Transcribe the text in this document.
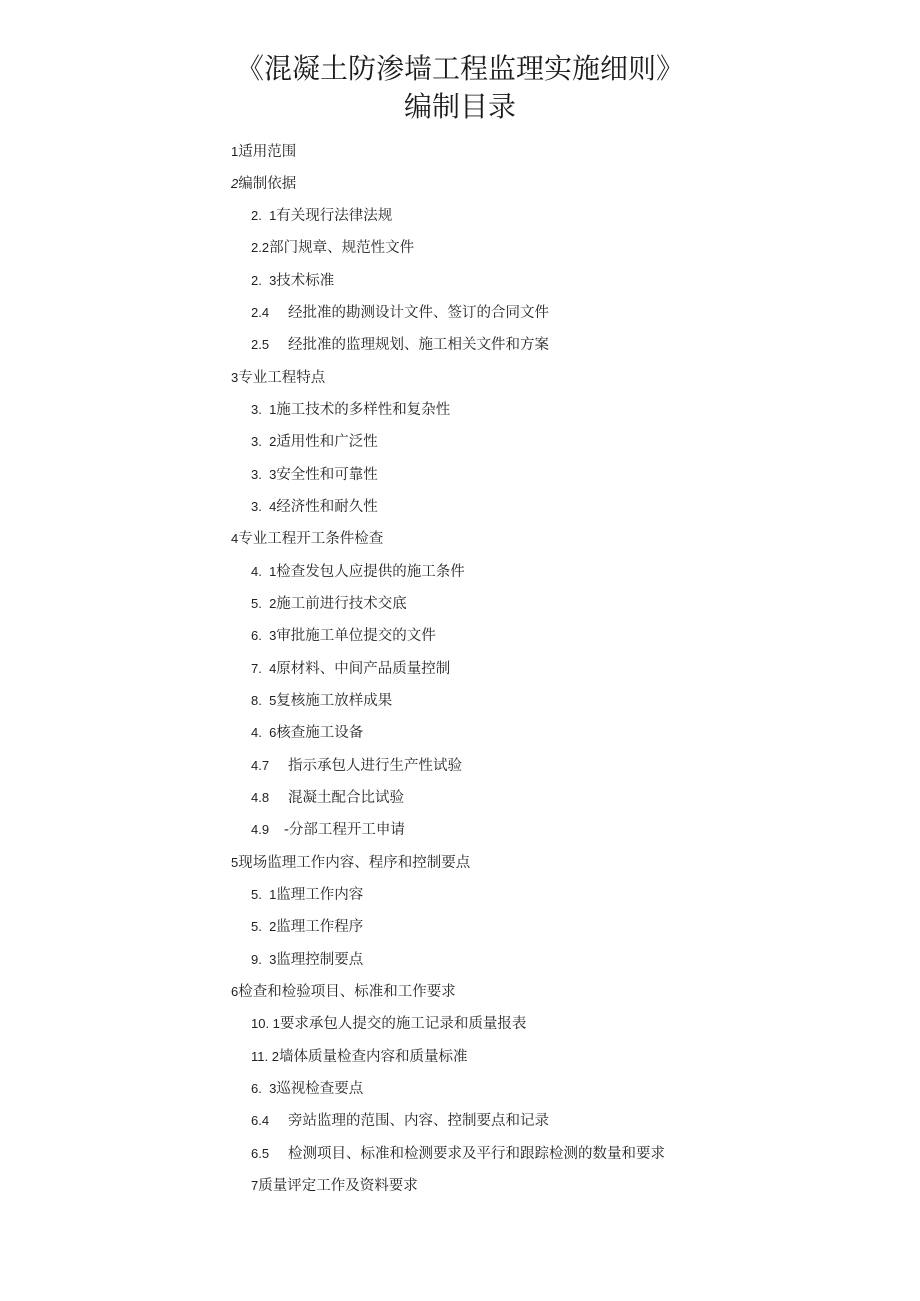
《混凝土防渗墙工程监理实施细则》
编制目录
1适用范围
2编制依据
2.  1有关现行法律法规
2.2部门规章、规范性文件
2.  3技术标准
2.4 经批准的勘测设计文件、签订的合同文件
2.5 经批准的监理规划、施工相关文件和方案
3专业工程特点
3.  1施工技术的多样性和复杂性
3.  2适用性和广泛性
3.  3安全性和可靠性
3.  4经济性和耐久性
4专业工程开工条件检查
4.  1检查发包人应提供的施工条件
5.  2施工前进行技术交底
6.  3审批施工单位提交的文件
7.  4原材料、中间产品质量控制
8.  5复核施工放样成果
4.  6核查施工设备
4.7 指示承包人进行生产性试验
4.8 混凝土配合比试验
4.9 -分部工程开工申请
5现场监理工作内容、程序和控制要点
5.  1监理工作内容
5.  2监理工作程序
9.  3监理控制要点
6检查和检验项目、标准和工作要求
10. 1要求承包人提交的施工记录和质量报表
11. 2墙体质量检查内容和质量标准
6.  3巡视检查要点
6.4 旁站监理的范围、内容、控制要点和记录
6.5 检测项目、标准和检测要求及平行和跟踪检测的数量和要求
7质量评定工作及资料要求
